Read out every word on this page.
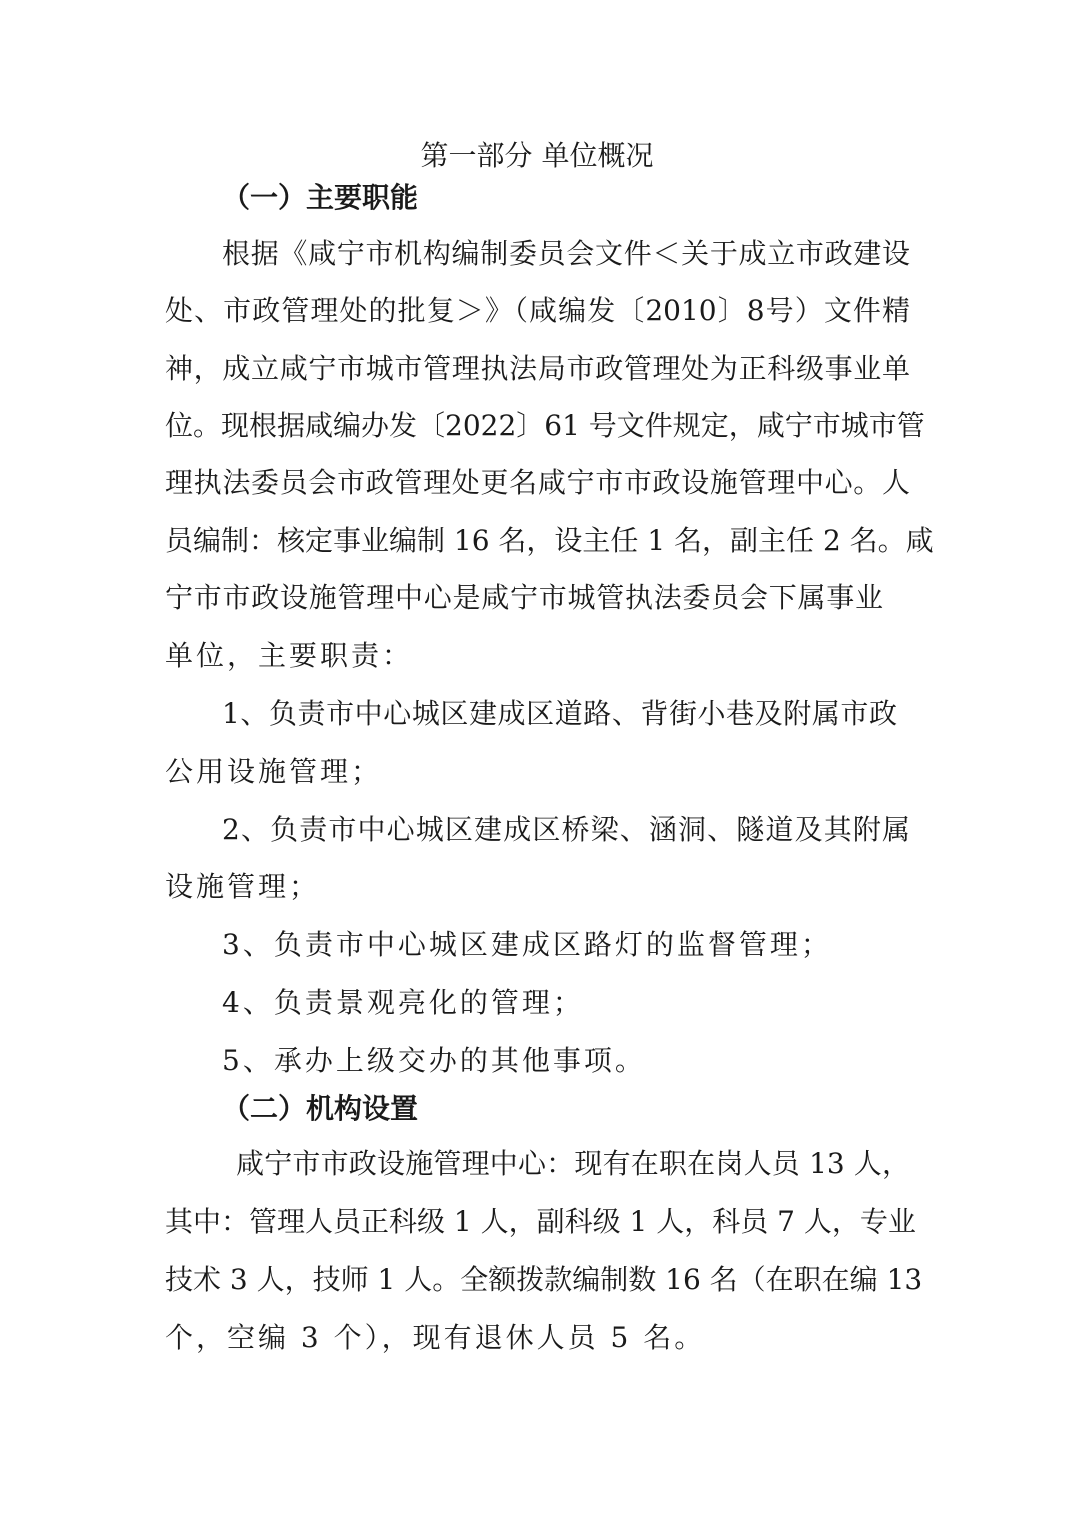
第一部分 单位概况
（一）主要职能
根据《咸宁市机构编制委员会文件＜关于成立市政建设
处、市政管理处的批复＞》（咸编发〔2010〕8号）文件精
神，成立咸宁市城市管理执法局市政管理处为正科级事业单
位。现根据咸编办发〔2022〕61 号文件规定，咸宁市城市管
理执法委员会市政管理处更名咸宁市市政设施管理中心。人
员编制：核定事业编制 16 名，设主任 1 名，副主任 2 名。咸
宁市市政设施管理中心是咸宁市城管执法委员会下属事业
单位，主要职责：
1、负责市中心城区建成区道路、背街小巷及附属市政
公用设施管理；
2、负责市中心城区建成区桥梁、涵洞、隧道及其附属
设施管理；
3、负责市中心城区建成区路灯的监督管理；
4、负责景观亮化的管理；
5、承办上级交办的其他事项。
（二）机构设置
咸宁市市政设施管理中心：现有在职在岗人员 13 人，
其中：管理人员正科级 1 人，副科级 1 人，科员 7 人，专业
技术 3 人，技师 1 人。全额拨款编制数 16 名（在职在编 13
个，空编 3 个），现有退休人员 5 名。
